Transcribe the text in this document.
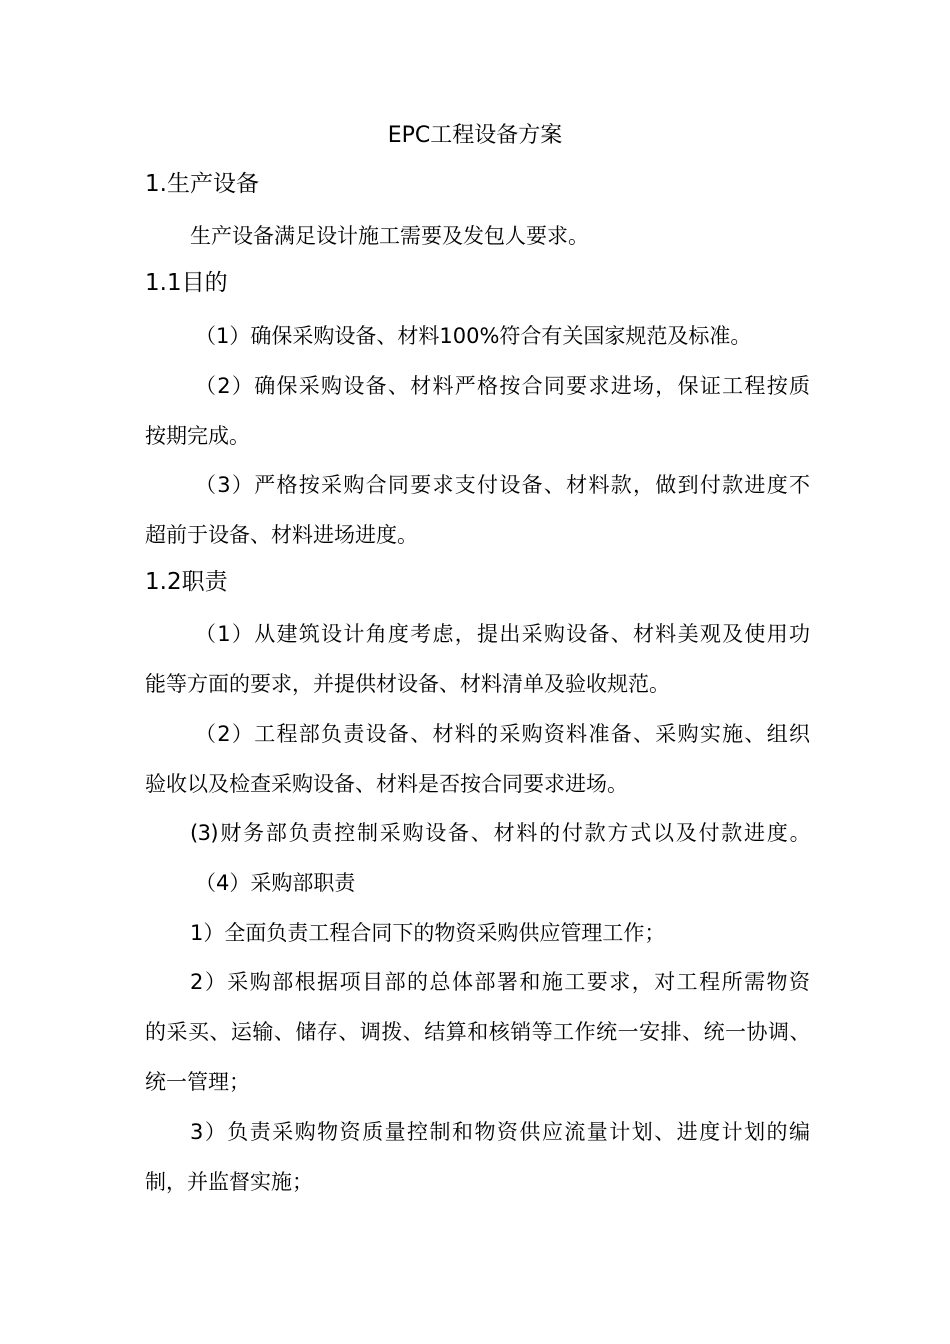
EPC工程设备方案
1.生产设备
生产设备满足设计施工需要及发包人要求。
1.1目的
（1）确保采购设备、材料100%符合有关国家规范及标准。
（2）确保采购设备、材料严格按合同要求进场，保证工程按质
按期完成。
（3）严格按采购合同要求支付设备、材料款，做到付款进度不
超前于设备、材料进场进度。
1.2职责
（1）从建筑设计角度考虑，提出采购设备、材料美观及使用功
能等方面的要求，并提供材设备、材料清单及验收规范。
（2）工程部负责设备、材料的采购资料准备、采购实施、组织
验收以及检查采购设备、材料是否按合同要求进场。
(3)财务部负责控制采购设备、材料的付款方式以及付款进度。
（4）采购部职责
1）全面负责工程合同下的物资采购供应管理工作；
2）采购部根据项目部的总体部署和施工要求，对工程所需物资
的采买、运输、储存、调拨、结算和核销等工作统一安排、统一协调、
统一管理；
3）负责采购物资质量控制和物资供应流量计划、进度计划的编
制，并监督实施；
